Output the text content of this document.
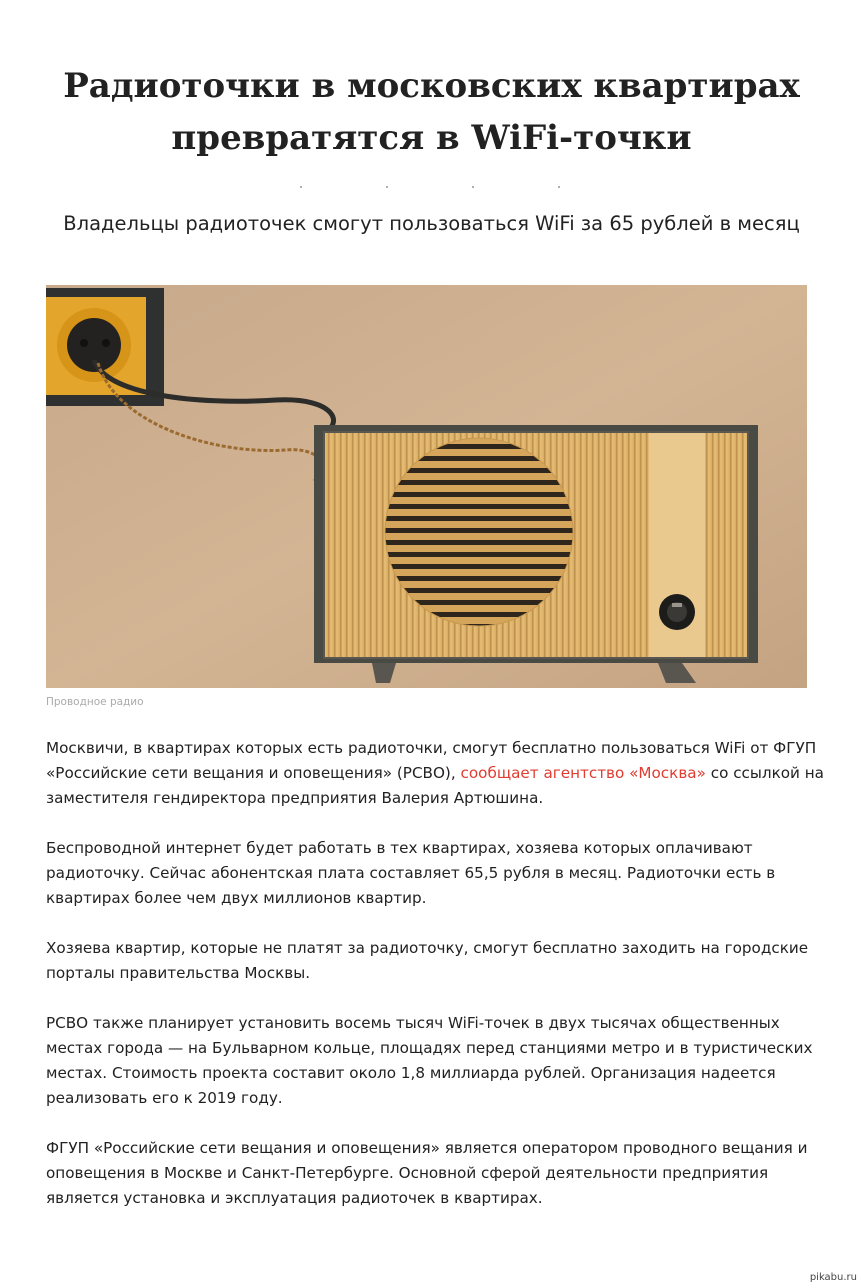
Радиоточки в московских квартирах превратятся в WiFi-точки
Владельцы радиоточек смогут пользоваться WiFi за 65 рублей в месяц

Проводное радио

Москвичи, в квартирах которых есть радиоточки, смогут бесплатно пользоваться WiFi от ФГУП «Российские сети вещания и оповещения» (РСВО), сообщает агентство «Москва» со ссылкой на заместителя гендиректора предприятия Валерия Артюшина.

Беспроводной интернет будет работать в тех квартирах, хозяева которых оплачивают радиоточку. Сейчас абонентская плата составляет 65,5 рубля в месяц. Радиоточки есть в квартирах более чем двух миллионов квартир.

Хозяева квартир, которые не платят за радиоточку, смогут бесплатно заходить на городские порталы правительства Москвы.

РСВО также планирует установить восемь тысяч WiFi-точек в двух тысячах общественных местах города — на Бульварном кольце, площадях перед станциями метро и в туристических местах. Стоимость проекта составит около 1,8 миллиарда рублей. Организация надеется реализовать его к 2019 году.

ФГУП «Российские сети вещания и оповещения» является оператором проводного вещания и оповещения в Москве и Санкт-Петербурге. Основной сферой деятельности предприятия является установка и эксплуатация радиоточек в квартирах.

pikabu.ru
